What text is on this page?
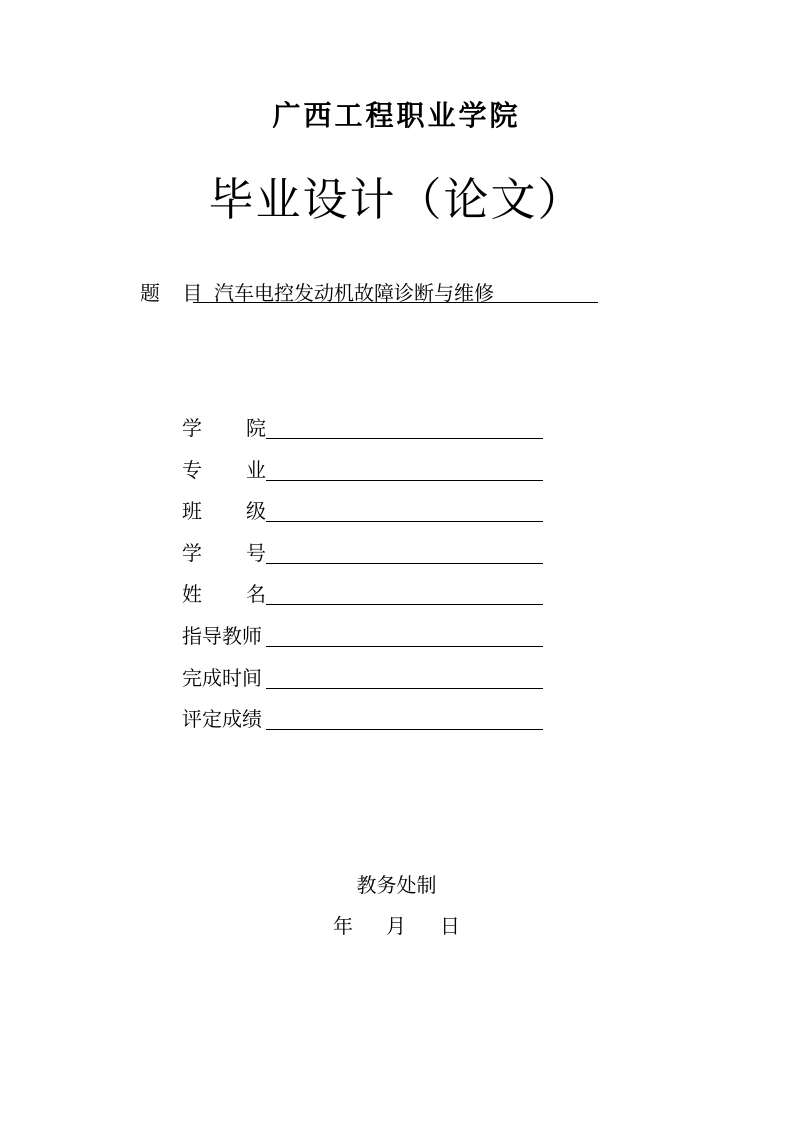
广西工程职业学院
毕业设计（论文）
题 目 汽车电控发动机故障诊断与维修
学 院
专 业
班 级
学 号
姓 名
指导教师
完成时间
评定成绩
教务处制
年 月 日
